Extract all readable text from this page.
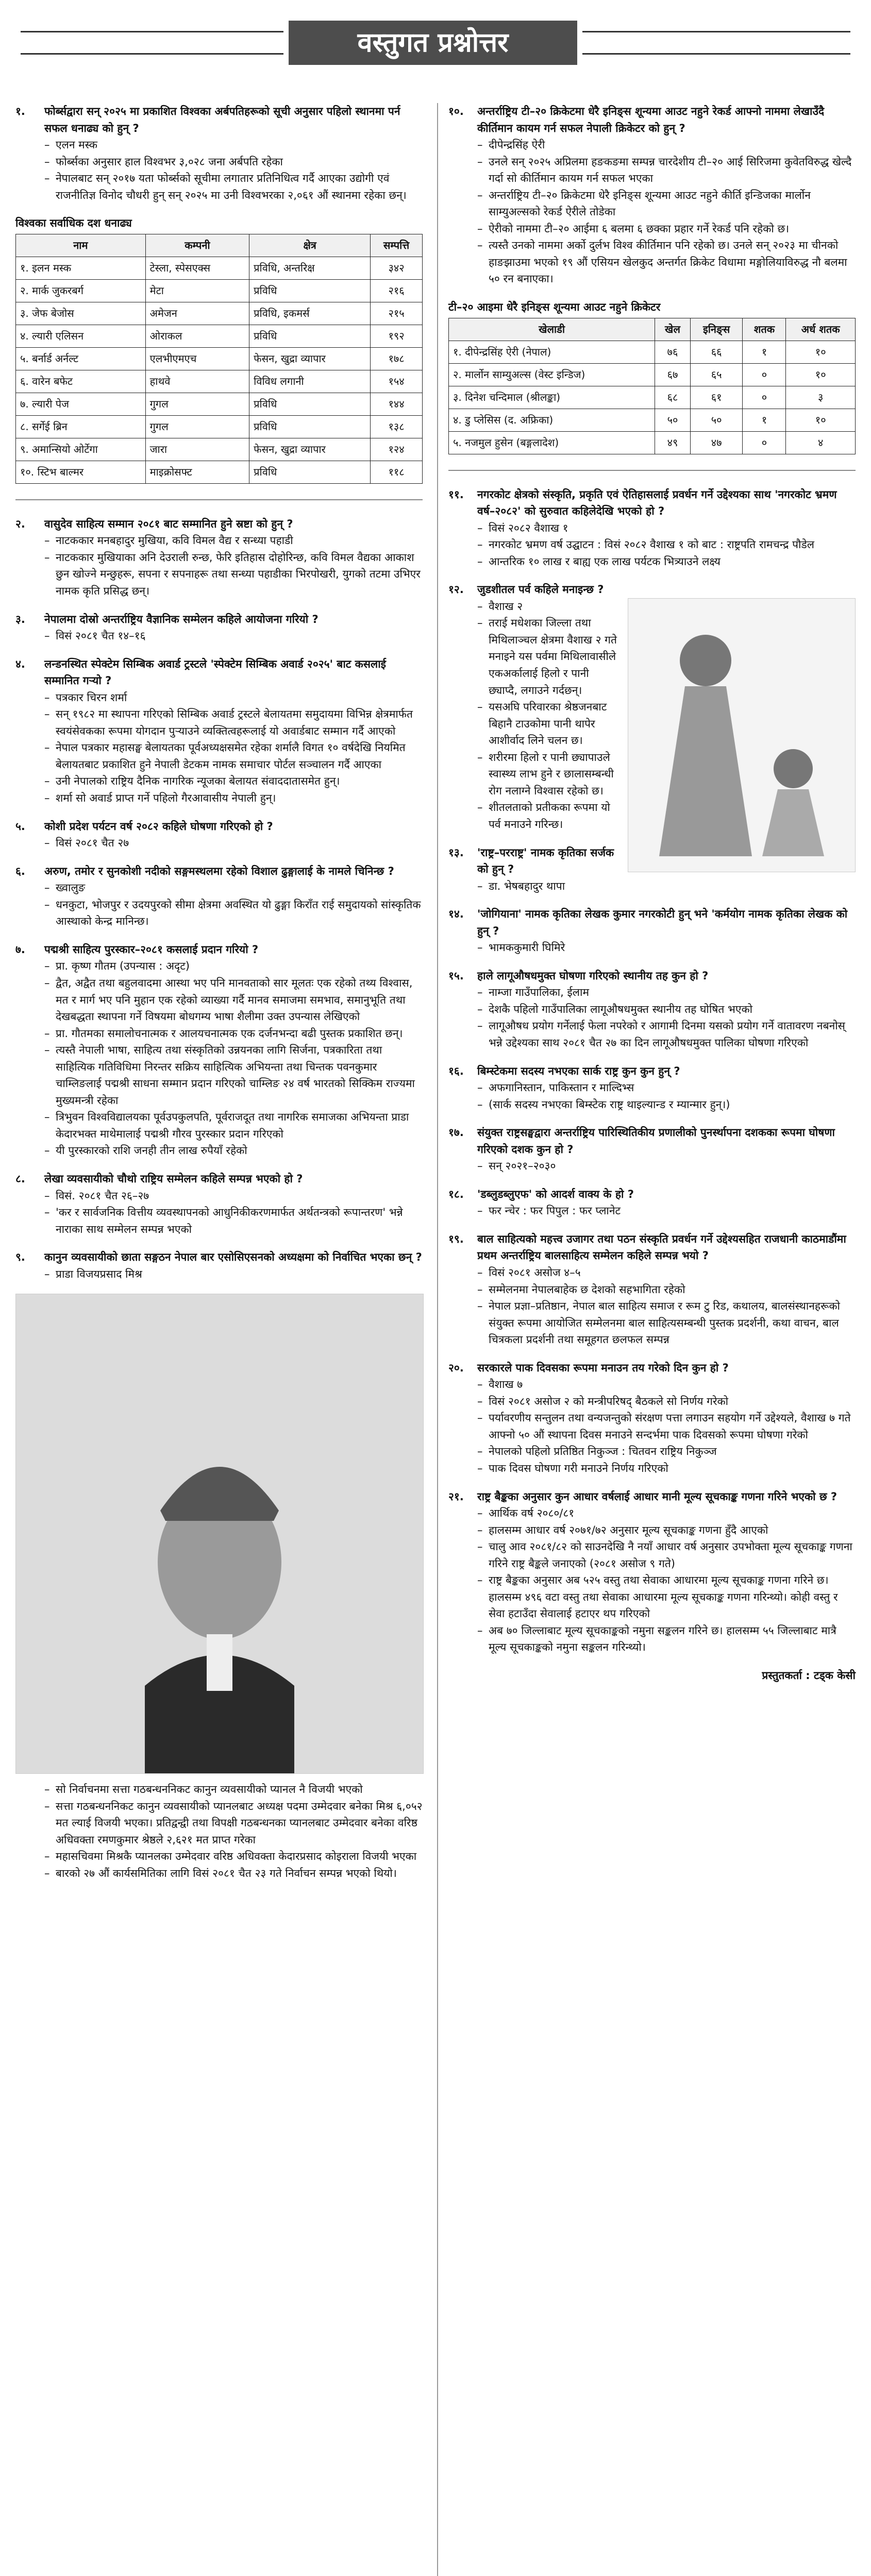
वस्तुगत प्रश्नोत्तर
१.	फोर्ब्सद्वारा सन् २०२५ मा प्रकाशित विश्वका अर्बपतिहरूको सूची अनुसार पहिलो स्थानमा पर्न सफल धनाढ्य को हुन् ?

– एलन मस्क

– फोर्ब्सका अनुसार हाल विश्वभर ३,०२८ जना अर्बपति रहेका

– नेपालबाट सन् २०१७ यता फोर्ब्सको सूचीमा लगातार प्रतिनिधित्व गर्दै आएका उद्योगी एवं राजनीतिज्ञ विनोद चौधरी हुन् सन् २०२५ मा उनी विश्वभरका २,०६१ औं स्थानमा रहेका छन्।

विश्वका सर्वाधिक दश धनाढ्य
नाम	कम्पनी	क्षेत्र	सम्पत्ति
१. इलन मस्क	टेस्ला, स्पेसएक्स	प्रविधि, अन्तरिक्ष	३४२
२. मार्क जुकरबर्ग	मेटा	प्रविधि	२१६
३. जेफ बेजोस	अमेजन	प्रविधि, इकमर्स	२१५
४. ल्यारी एलिसन	ओराकल	प्रविधि	१९२
५. बर्नार्ड अर्नल्ट	एलभीएमएच	फेसन, खुद्रा व्यापार	१७८
६. वारेन बफेट	हाथवे	विविध लगानी	१५४
७. ल्यारी पेज	गुगल	प्रविधि	१४४
८. सर्गेई ब्रिन	गुगल	प्रविधि	१३८
९. अमान्सियो ओर्टेगा	जारा	फेसन, खुद्रा व्यापार	१२४
१०. स्टिभ बाल्मर	माइक्रोसफ्ट	प्रविधि	११८
२.	वासुदेव साहित्य सम्मान २०८१ बाट सम्मानित हुने स्रष्टा को हुन् ?

– नाटककार मनबहादुर मुखिया, कवि विमल वैद्य र सन्ध्या पहाडी

– नाटककार मुखियाका अनि देउराली रुन्छ, फेरि इतिहास दोहोरिन्छ, कवि विमल वैद्यका आकाश छुन खोज्ने मन्छुहरू, सपना र सपनाहरू तथा सन्ध्या पहाडीका भिरपोखरी, युगको तटमा उभिएर नामक कृति प्रसिद्ध छन्।

३.	नेपालमा दोस्रो अन्तर्राष्ट्रिय वैज्ञानिक सम्मेलन कहिले आयोजना गरियो ?

– विसं २०८१ चैत १४–१६

४.	लन्डनस्थित स्पेक्टेम सिम्बिक अवार्ड ट्रस्टले 'स्पेक्टेम सिम्बिक अवार्ड २०२५' बाट कसलाई सम्मानित गऱ्यो ?

– पत्रकार चिरन शर्मा

– सन् १९८२ मा स्थापना गरिएको सिम्बिक अवार्ड ट्रस्टले बेलायतमा समुदायमा विभिन्न क्षेत्रमार्फत स्वयंसेवकका रूपमा योगदान पुऱ्याउने व्यक्तित्वहरूलाई यो अवार्डबाट सम्मान गर्दै आएको

– नेपाल पत्रकार महासङ्घ बेलायतका पूर्वअध्यक्षसमेत रहेका शर्मालै विगत १० वर्षदेखि नियमित बेलायतबाट प्रकाशित हुने नेपाली डेटकम नामक समाचार पोर्टल सञ्चालन गर्दै आएका

– उनी नेपालको राष्ट्रिय दैनिक नागरिक न्यूजका बेलायत संवाददातासमेत हुन्।

– शर्मा सो अवार्ड प्राप्त गर्ने पहिलो गैरआवासीय नेपाली हुन्।

५.	कोशी प्रदेश पर्यटन वर्ष २०८२ कहिले घोषणा गरिएको हो ?

– विसं २०८१ चैत २७

६.	अरुण, तमोर र सुनकोशी नदीको सङ्गमस्थलमा रहेको विशाल ढुङ्गालाई के नामले चिनिन्छ ?

– ख्वालुङ

– धनकुटा, भोजपुर र उदयपुरको सीमा क्षेत्रमा अवस्थित यो ढुङ्गा किराँत राई समुदायको सांस्कृतिक आस्थाको केन्द्र मानिन्छ।

७.	पद्मश्री साहित्य पुरस्कार–२०८१ कसलाई प्रदान गरियो ?

– प्रा. कृष्ण गौतम (उपन्यास : अदृट)

– द्वैत, अद्वैत तथा बहुलवादमा आस्था भए पनि मानवताको सार मूलतः एक रहेको तथ्य विश्वास, मत र मार्ग भए पनि मुहान एक रहेको व्याख्या गर्दै मानव समाजमा समभाव, समानुभूति तथा देखबद्धता स्थापना गर्ने विषयमा बोधगम्य भाषा शैलीमा उक्त उपन्यास लेखिएको

– प्रा. गौतमका समालोचनात्मक र आलयचनात्मक एक दर्जनभन्दा बढी पुस्तक प्रकाशित छन्।

– त्यस्तै नेपाली भाषा, साहित्य तथा संस्कृतिको उन्नयनका लागि सिर्जना, पत्रकारिता तथा साहित्यिक गतिविधिमा निरन्तर सक्रिय साहित्यिक अभियन्ता तथा चिन्तक पवनकुमार चाम्लिङलाई पद्मश्री साधना सम्मान प्रदान गरिएको चाम्लिङ २४ वर्ष भारतको सिक्किम राज्यमा मुख्यमन्त्री रहेका

– त्रिभुवन विश्वविद्यालयका पूर्वउपकुलपति, पूर्वराजदूत तथा नागरिक समाजका अभियन्ता प्राडा केदारभक्त माथेमालाई पद्मश्री गौरव पुरस्कार प्रदान गरिएको

– यी पुरस्कारको राशि जनही तीन लाख रुपैयाँ रहेको

८.	लेखा व्यवसायीको चौथो राष्ट्रिय सम्मेलन कहिले सम्पन्न भएको हो ?

– विसं. २०८१ चैत २६–२७

– 'कर र सार्वजनिक वित्तीय व्यवस्थापनको आधुनिकीकरणमार्फत अर्थतन्त्रको रूपान्तरण' भन्ने नाराका साथ सम्मेलन सम्पन्न भएको

९.	कानुन व्यवसायीको छाता सङ्गठन नेपाल बार एसोसिएसनको अध्यक्षमा को निर्वाचित भएका छन् ?

– प्राडा विजयप्रसाद मिश्र

– सो निर्वाचनमा सत्ता गठबन्धननिकट कानुन व्यवसायीको प्यानल नै विजयी भएको

– सत्ता गठबन्धननिकट कानुन व्यवसायीको प्यानलबाट अध्यक्ष पदमा उम्मेदवार बनेका मिश्र ६,०५२ मत ल्याई विजयी भएका। प्रतिद्वन्द्वी तथा विपक्षी गठबन्धनका प्यानलबाट उम्मेदवार बनेका वरिष्ठ अधिवक्ता रमणकुमार श्रेष्ठले २,६२१ मत प्राप्त गरेका

– महासचिवमा मिश्रकै प्यानलका उम्मेदवार वरिष्ठ अधिवक्ता केदारप्रसाद कोइराला विजयी भएका

– बारको २७ औं कार्यसमितिका लागि विसं २०८१ चैत २३ गते निर्वाचन सम्पन्न भएको थियो।

१०.	अन्तर्राष्ट्रिय टी–२० क्रिकेटमा धेरै इनिङ्स शून्यमा आउट नहुने रेकर्ड आफ्नो नाममा लेखाउँदै कीर्तिमान कायम गर्न सफल नेपाली क्रिकेटर को हुन् ?

– दीपेन्द्रसिंह ऐरी

– उनले सन् २०२५ अप्रिलमा हङकङमा सम्पन्न चारदेशीय टी–२० आई सिरिजमा कुवेतविरुद्ध खेल्दै गर्दा सो कीर्तिमान कायम गर्न सफल भएका

– अन्तर्राष्ट्रिय टी–२० क्रिकेटमा धेरै इनिङ्स शून्यमा आउट नहुने कीर्ति इन्डिजका मार्लोन साम्युअल्सको रेकर्ड ऐरीले तोडेका

– ऐरीको नाममा टी–२० आईमा ६ बलमा ६ छक्का प्रहार गर्ने रेकर्ड पनि रहेको छ।

– त्यस्तै उनको नाममा अर्को दुर्लभ विश्व कीर्तिमान पनि रहेको छ। उनले सन् २०२३ मा चीनको हाङझाउमा भएको १९ औं एसियन खेलकुद अन्तर्गत क्रिकेट विधामा मङ्गोलियाविरुद्ध नौ बलमा ५० रन बनाएका।

टी–२० आइमा धेरै इनिङ्स शून्यमा आउट नहुने क्रिकेटर
खेलाडी	खेल	इनिङ्स	शतक	अर्ध शतक
१. दीपेन्द्रसिंह ऐरी (नेपाल)	७६	६६	१	१०
२. मार्लोन साम्युअल्स (वेस्ट इन्डिज)	६७	६५	०	१०
३. दिनेश चन्दिमाल (श्रीलङ्का)	६८	६१	०	३
४. डु प्लेसिस (द. अफ्रिका)	५०	५०	१	१०
५. नजमुल हुसेन (बङ्गलादेश)	४९	४७	०	४
११.	नगरकोट क्षेत्रको संस्कृति, प्रकृति एवं ऐतिहासलाई प्रवर्धन गर्ने उद्देश्यका साथ 'नगरकोट भ्रमण वर्ष–२०८२' को सुरुवात कहिलेदेखि भएको हो ?

– विसं २०८२ वैशाख १

– नगरकोट भ्रमण वर्ष उद्घाटन : विसं २०८२ वैशाख १ को बाट : राष्ट्रपति रामचन्द्र पौडेल

– आन्तरिक १० लाख र बाह्य एक लाख पर्यटक भित्र्याउने लक्ष्य

१२.	जुडशीतल पर्व कहिले मनाइन्छ ?

– वैशाख २

– तराई मधेशका जिल्ला तथा मिथिलाञ्चल क्षेत्रमा वैशाख २ गते मनाइने यस पर्वमा मिथिलावासीले एकअर्कालाई हिलो र पानी छ्याप्दै, लगाउने गर्दछन्।

– यसअघि परिवारका श्रेष्ठजनबाट बिहानै टाउकोमा पानी थापेर आशीर्वाद लिने चलन छ।

– शरीरमा हिलो र पानी छ्यापाउले स्वास्थ्य लाभ हुने र छालासम्बन्धी रोग नलाग्ने विश्वास रहेको छ।

– शीतलताको प्रतीकका रूपमा यो पर्व मनाउने गरिन्छ।

१३.	'राष्ट्र–परराष्ट्र' नामक कृतिका सर्जक को हुन् ?

– डा. भेषबहादुर थापा

१४.	'जोगियाना' नामक कृतिका लेखक कुमार नगरकोटी हुन् भने 'कर्मयोग नामक कृतिका लेखक को हुन् ?

– भामककुमारी घिमिरे

१५.	हाले लागूऔषधमुक्त घोषणा गरिएको स्थानीय तह कुन हो ?

– नाम्जा गाउँपालिका, ईलाम

– देशकै पहिलो गाउँपालिका लागूऔषधमुक्त स्थानीय तह घोषित भएको

– लागूऔषध प्रयोग गर्नेलाई फेला नपरेको र आगामी दिनमा यसको प्रयोग गर्ने वातावरण नबनोस् भन्ने उद्देश्यका साथ २०८१ चैत २७ का दिन लागूऔषधमुक्त पालिका घोषणा गरिएको

१६.	बिम्स्टेकमा सदस्य नभएका सार्क राष्ट्र कुन कुन हुन् ?

– अफगानिस्तान, पाकिस्तान र माल्दिभ्स

– (सार्क सदस्य नभएका बिम्स्टेक राष्ट्र थाइल्यान्ड र म्यान्मार हुन्।)

१७.	संयुक्त राष्ट्रसङ्घद्वारा अन्तर्राष्ट्रिय पारिस्थितिकीय प्रणालीको पुनर्स्थापना दशकका रूपमा घोषणा गरिएको दशक कुन हो ?

– सन् २०२१–२०३०

१८.	'डब्लुडब्लुएफ' को आदर्श वाक्य के हो ?

– फर न्चेर : फर पिपुल : फर प्लानेट

१९.	बाल साहित्यको महत्त्व उजागर तथा पठन संस्कृति प्रवर्धन गर्ने उद्देश्यसहित राजधानी काठमाडौंमा प्रथम अन्तर्राष्ट्रिय बालसाहित्य सम्मेलन कहिले सम्पन्न भयो ?

– विसं २०८१ असोज ४–५

– सम्मेलनमा नेपालबाहेक छ देशको सहभागिता रहेको

– नेपाल प्रज्ञा–प्रतिष्ठान, नेपाल बाल साहित्य समाज र रूम टु रिड, कथालय, बालसंस्थानहरूको संयुक्त रूपमा आयोजित सम्मेलनमा बाल साहित्यसम्बन्धी पुस्तक प्रदर्शनी, कथा वाचन, बाल चित्रकला प्रदर्शनी तथा समूहगत छलफल सम्पन्न

२०.	सरकारले पाक दिवसका रूपमा मनाउन तय गरेको दिन कुन हो ?

– वैशाख ७

– विसं २०८१ असोज २ को मन्त्रीपरिषद् बैठकले सो निर्णय गरेको

– पर्यावरणीय सन्तुलन तथा वन्यजन्तुको संरक्षण पत्ता लगाउन सहयोग गर्ने उद्देश्यले, वैशाख ७ गते आफ्नो ५० औं स्थापना दिवस मनाउने सन्दर्भमा पाक दिवसको रूपमा घोषणा गरेको

– नेपालको पहिलो प्रतिष्ठित निकुञ्ज : चितवन राष्ट्रिय निकुञ्ज

– पाक दिवस घोषणा गरी मनाउने निर्णय गरिएको

२१.	राष्ट्र बैङ्कका अनुसार कुन आधार वर्षलाई आधार मानी मूल्य सूचकाङ्क गणना गरिने भएको छ ?

– आर्थिक वर्ष २०८०/८१

– हालसम्म आधार वर्ष २०७१/७२ अनुसार मूल्य सूचकाङ्क गणना हुँदै आएको

– चालु आव २०८१/८२ को साउनदेखि नै नयाँ आधार वर्ष अनुसार उपभोक्ता मूल्य सूचकाङ्क गणना गरिने राष्ट्र बैङ्कले जनाएको (२०८१ असोज ९ गते)

– राष्ट्र बैङ्कका अनुसार अब ५२५ वस्तु तथा सेवाका आधारमा मूल्य सूचकाङ्क गणना गरिने छ। हालसम्म ४९६ वटा वस्तु तथा सेवाका आधारमा मूल्य सूचकाङ्क गणना गरिन्थ्यो। कोही वस्तु र सेवा हटाउँदा सेवालाई हटाएर थप गरिएको

– अब ७० जिल्लाबाट मूल्य सूचकाङ्कको नमुना सङ्कलन गरिने छ। हालसम्म ५५ जिल्लाबाट मात्रै मूल्य सूचकाङ्कको नमुना सङ्कलन गरिन्थ्यो।

प्रस्तुतकर्ता : टड्क केसी
